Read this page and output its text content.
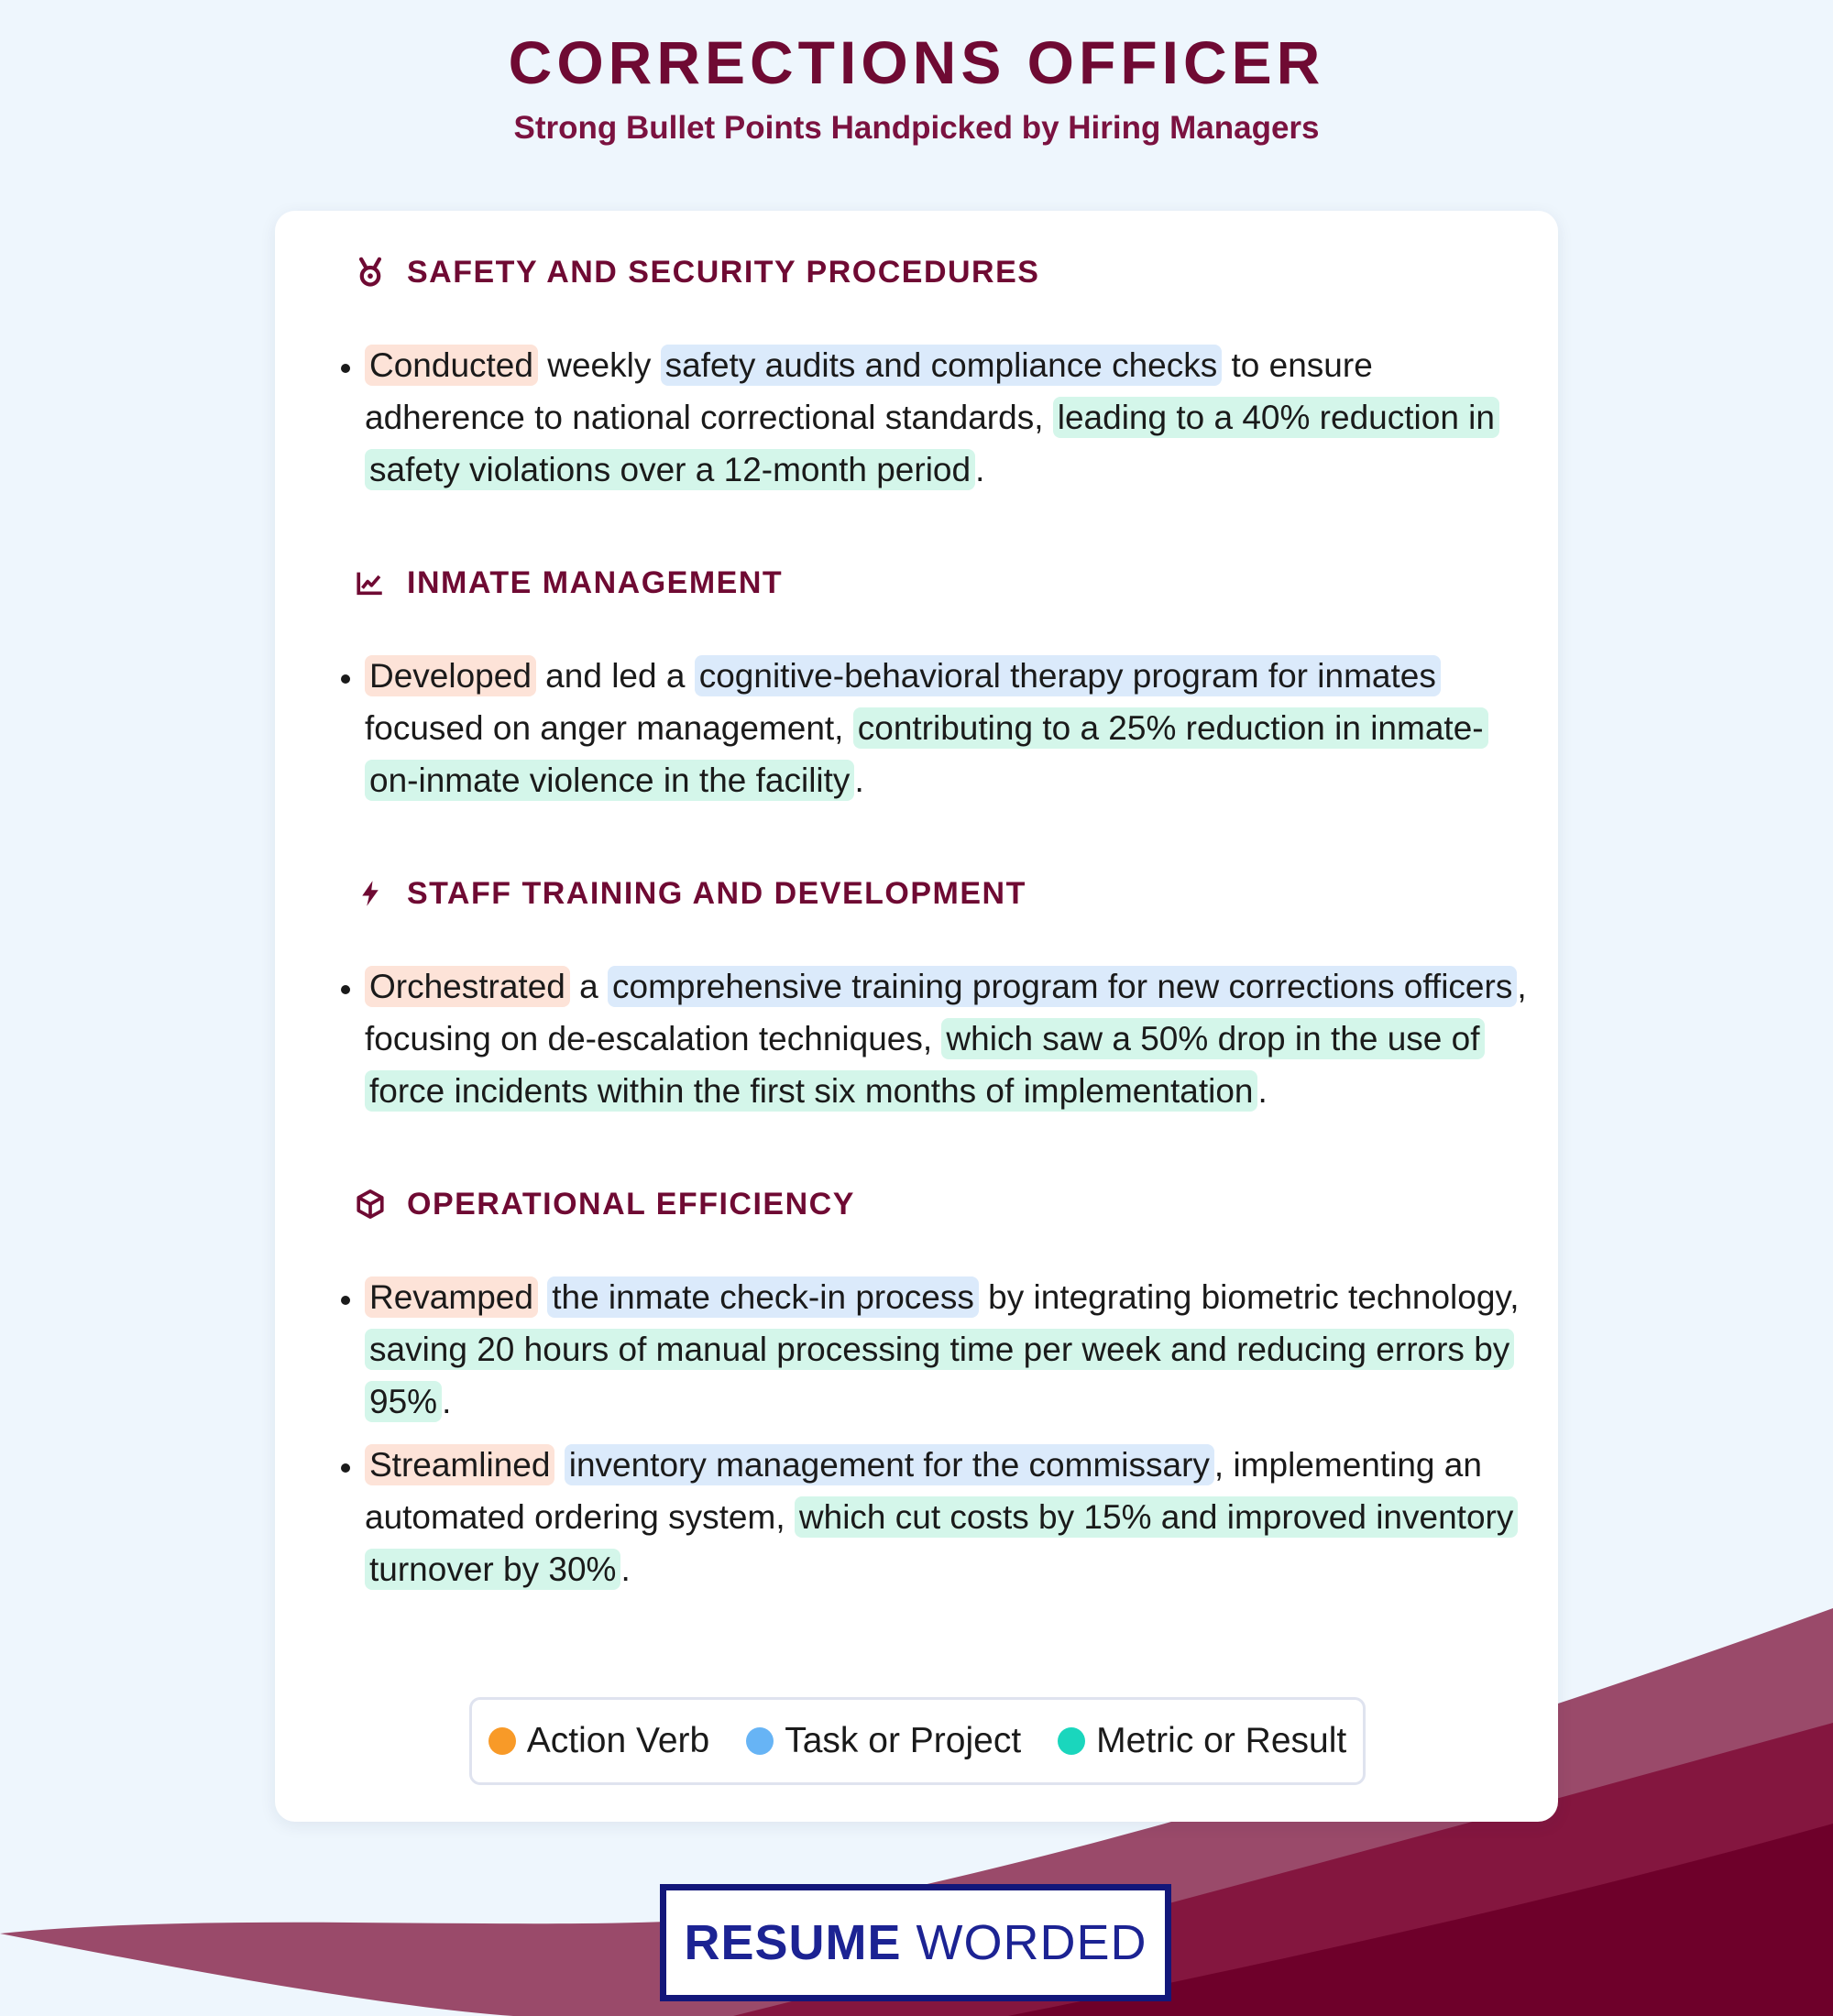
CORRECTIONS OFFICER
Strong Bullet Points Handpicked by Hiring Managers
SAFETY AND SECURITY PROCEDURES
• Conducted weekly safety audits and compliance checks to ensure adherence to national correctional standards, leading to a 40% reduction in safety violations over a 12-month period .
INMATE MANAGEMENT
• Developed and led a cognitive-behavioral therapy program for inmates focused on anger management, contributing to a 25% reduction in inmate-on-inmate violence in the facility .
STAFF TRAINING AND DEVELOPMENT
• Orchestrated a comprehensive training program for new corrections officers , focusing on de-escalation techniques, which saw a 50% drop in the use of force incidents within the first six months of implementation .
OPERATIONAL EFFICIENCY
• Revamped the inmate check-in process by integrating biometric technology, saving 20 hours of manual processing time per week and reducing errors by 95% .
• Streamlined inventory management for the commissary , implementing an automated ordering system, which cut costs by 15% and improved inventory turnover by 30% .
Action Verb Task or Project Metric or Result
RESUME WORDED
